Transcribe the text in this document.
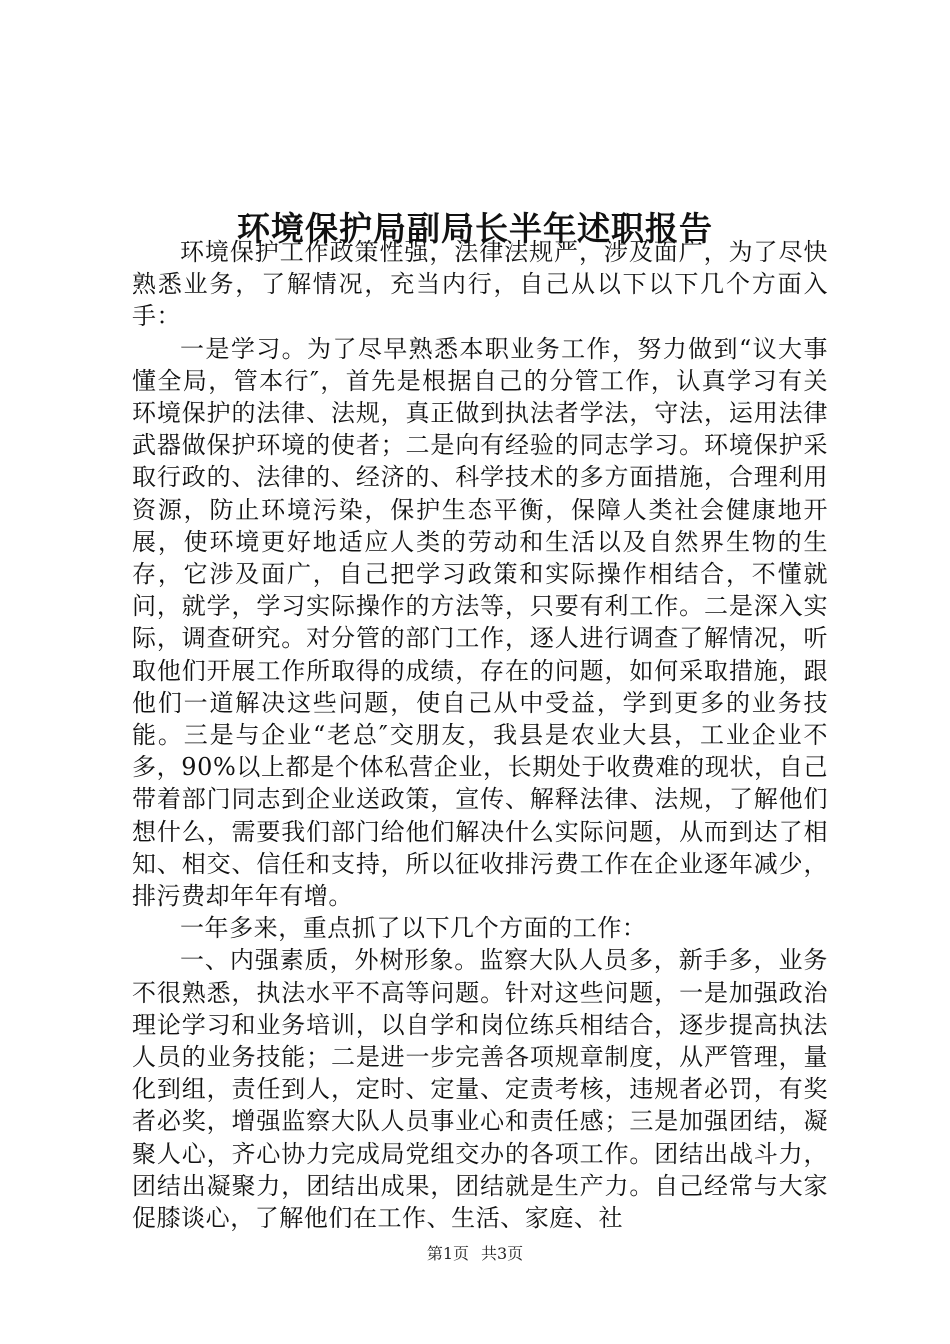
环境保护局副局长半年述职报告

环境保护工作政策性强，法律法规严，涉及面广，为了尽快熟悉业务，了解情况，充当内行，自己从以下以下几个方面入手：

一是学习。为了尽早熟悉本职业务工作，努力做到“议大事懂全局，管本行″，首先是根据自己的分管工作，认真学习有关环境保护的法律、法规，真正做到执法者学法，守法，运用法律武器做保护环境的使者；二是向有经验的同志学习。环境保护采取行政的、法律的、经济的、科学技术的多方面措施，合理利用资源，防止环境污染，保护生态平衡，保障人类社会健康地开展，使环境更好地适应人类的劳动和生活以及自然界生物的生存，它涉及面广，自己把学习政策和实际操作相结合，不懂就问，就学，学习实际操作的方法等，只要有利工作。二是深入实际，调查研究。对分管的部门工作，逐人进行调查了解情况，听取他们开展工作所取得的成绩，存在的问题，如何采取措施，跟他们一道解决这些问题，使自己从中受益，学到更多的业务技能。三是与企业“老总″交朋友，我县是农业大县，工业企业不多，90%以上都是个体私营企业，长期处于收费难的现状，自己带着部门同志到企业送政策，宣传、解释法律、法规，了解他们想什么，需要我们部门给他们解决什么实际问题，从而到达了相知、相交、信任和支持，所以征收排污费工作在企业逐年减少，排污费却年年有增。

一年多来，重点抓了以下几个方面的工作：

一、内强素质，外树形象。监察大队人员多，新手多，业务不很熟悉，执法水平不高等问题。针对这些问题，一是加强政治理论学习和业务培训，以自学和岗位练兵相结合，逐步提高执法人员的业务技能；二是进一步完善各项规章制度，从严管理，量化到组，责任到人，定时、定量、定责考核，违规者必罚，有奖者必奖，增强监察大队人员事业心和责任感；三是加强团结，凝聚人心，齐心协力完成局党组交办的各项工作。团结出战斗力，团结出凝聚力，团结出成果，团结就是生产力。自己经常与大家促膝谈心，了解他们在工作、生活、家庭、社

第1页 共3页
